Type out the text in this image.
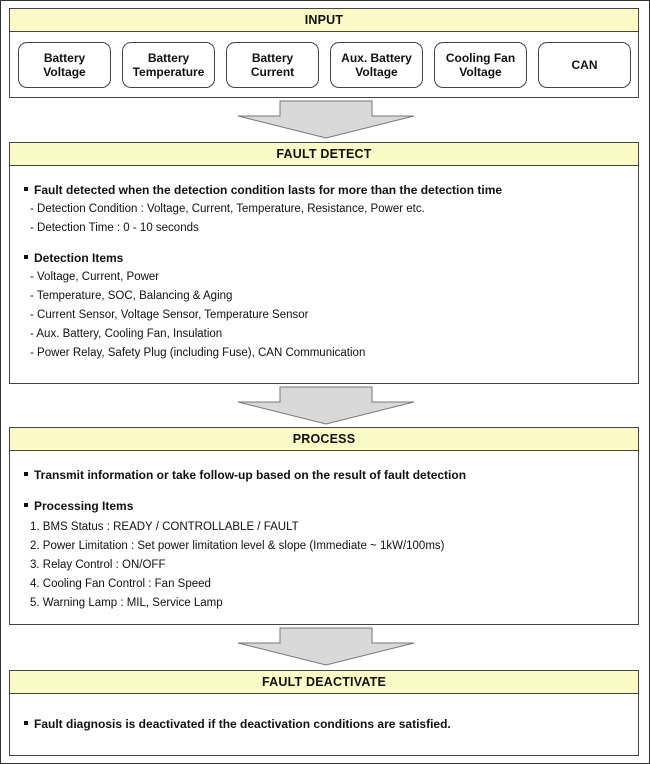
INPUT
Battery
Voltage
Battery
Temperature
Battery
Current
Aux. Battery
Voltage
Cooling Fan
Voltage	CAN
FAULT DETECT
Fault detected when the detection condition lasts for more than the detection time
- Detection Condition : Voltage, Current, Temperature, Resistance, Power etc.
- Detection Time : 0 - 10 seconds
Detection Items
- Voltage, Current, Power
- Temperature, SOC, Balancing & Aging
- Current Sensor, Voltage Sensor, Temperature Sensor
- Aux. Battery, Cooling Fan, Insulation
- Power Relay, Safety Plug (including Fuse), CAN Communication
PROCESS
Transmit information or take follow-up based on the result of fault detection
Processing Items
1. BMS Status : READY / CONTROLLABLE / FAULT
2. Power Limitation : Set power limitation level & slope (Immediate ~ 1kW/100ms)
3. Relay Control : ON/OFF
4. Cooling Fan Control : Fan Speed
5. Warning Lamp : MIL, Service Lamp
FAULT DEACTIVATE
Fault diagnosis is deactivated if the deactivation conditions are satisfied.
